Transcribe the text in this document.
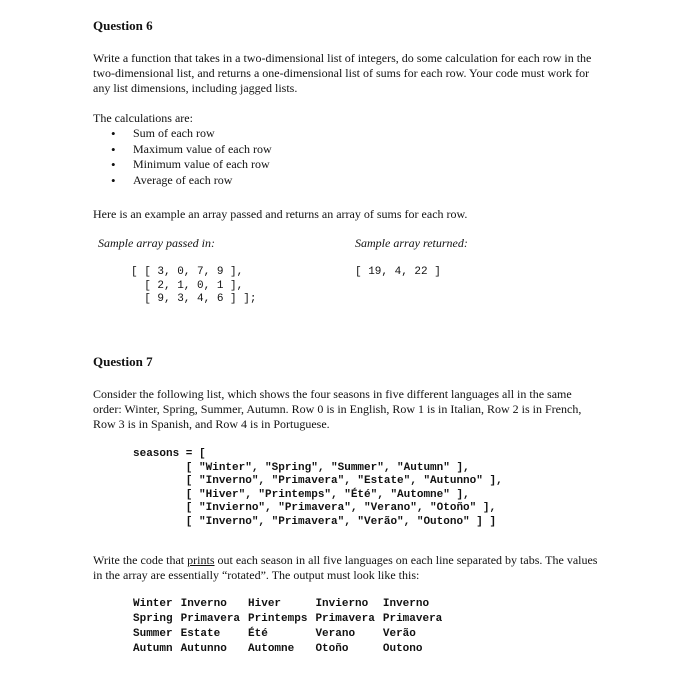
Question 6

Write a function that takes in a two-dimensional list of integers, do some calculation for each row in the two-dimensional list, and returns a one-dimensional list of sums for each row. Your code must work for any list dimensions, including jagged lists.

The calculations are:

• Sum of each row
• Maximum value of each row
• Minimum value of each row
• Average of each row

Here is an example an array passed and returns an array of sums for each row.

Sample array passed in:	Sample array returned:

[ [ 3, 0, 7, 9 ],
[ 2, 1, 0, 1 ],
[ 9, 3, 4, 6 ] ];
[ 19, 4, 22 ]

Question 7

Consider the following list, which shows the four seasons in five different languages all in the same order: Winter, Spring, Summer, Autumn. Row 0 is in English, Row 1 is in Italian, Row 2 is in French, Row 3 is in Spanish, and Row 4 is in Portuguese.

seasons = [
[ "Winter", "Spring", "Summer", "Autumn" ],
[ "Inverno", "Primavera", "Estate", "Autunno" ],
[ "Hiver", "Printemps", "Été", "Automne" ],
[ "Invierno", "Primavera", "Verano", "Otoño" ],
[ "Inverno", "Primavera", "Verão", "Outono" ] ]

Write the code that prints out each season in all five languages on each line separated by tabs. The values in the array are essentially “rotated”. The output must look like this:

Winter	Inverno	Hiver	Invierno	Inverno
Spring	Primavera	Printemps	Primavera	Primavera
Summer	Estate	Été	Verano	Verão
Autumn	Autunno	Automne	Otoño	Outono
